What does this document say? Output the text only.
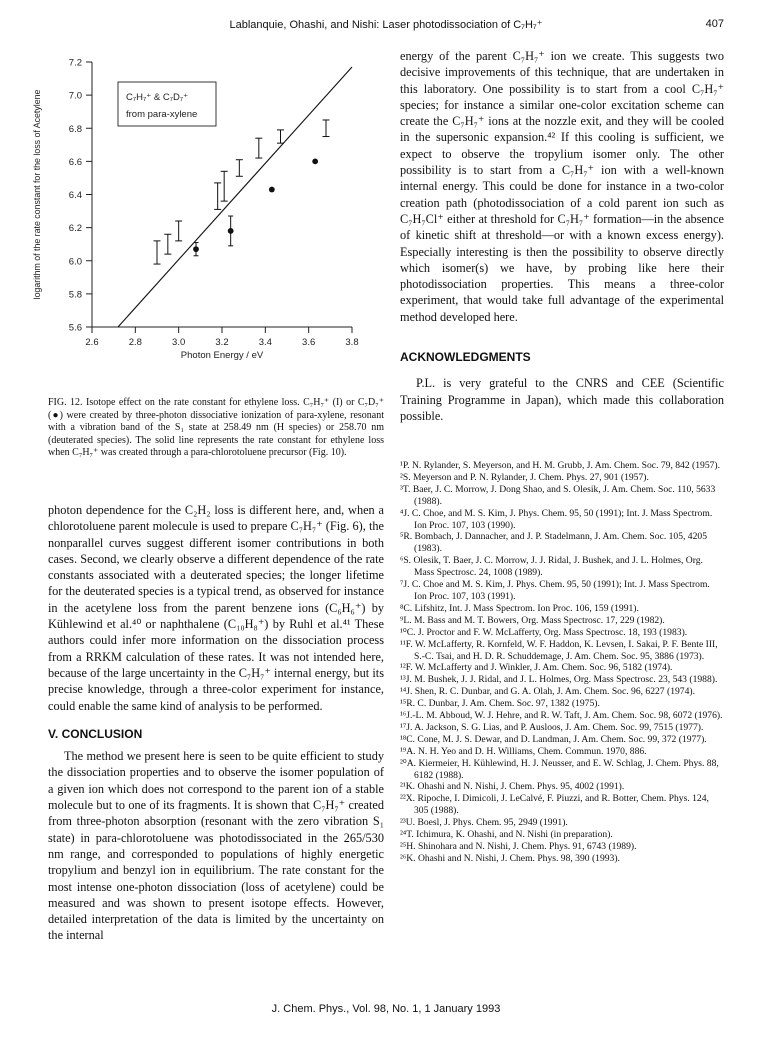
Lablanquie, Ohashi, and Nishi: Laser photodissociation of C₇H₇⁺	407
5.6
5.8
6.0
6.2
6.4
6.6
6.8
7.0
7.2
2.6	2.8	3.0	3.2	3.4	3.6	3.8
Photon Energy / eV
logarithm of the rate constant for the loss of Acetylene	C₇H₇⁺ & C₇D₇⁺
from para-xylene
FIG. 12. Isotope effect on the rate constant for ethylene loss. C₇H₇⁺ (I) or C₇D₇⁺ (●) were created by three-photon dissociative ionization of para-xylene, resonant with a vibration band of the S₁ state at 258.49 nm (H species) or 258.70 nm (deuterated species). The solid line represents the rate constant for ethylene loss when C₇H₇⁺ was created through a para-chlorotoluene precursor (Fig. 10).

photon dependence for the C₂H₂ loss is different here, and, when a chlorotoluene parent molecule is used to prepare C₇H₇⁺ (Fig. 6), the nonparallel curves suggest different isomer contributions in both cases. Second, we clearly observe a different dependence of the rate constants associated with a deuterated species; the longer lifetime for the deuterated species is a typical trend, as observed for instance in the acetylene loss from the parent benzene ions (C₆H₆⁺) by Kühlewind et al.⁴⁰ or naphthalene (C₁₀H₈⁺) by Ruhl et al.⁴¹ These authors could infer more information on the dissociation process from a RRKM calculation of these rates. It was not intended here, because of the large uncertainty in the C₇H₇⁺ internal energy, but its precise knowledge, through a three-color experiment for instance, could enable the same kind of analysis to be performed.

V. CONCLUSION

The method we present here is seen to be quite efficient to study the dissociation properties and to observe the isomer population of a given ion which does not correspond to the parent ion of a stable molecule but to one of its fragments. It is shown that C₇H₇⁺ created from three-photon absorption (resonant with the zero vibration S₁ state) in para-chlorotoluene was photodissociated in the 265/530 nm range, and corresponded to populations of highly energetic tropylium and benzyl ion in equilibrium. The rate constant for the most intense one-photon dissociation (loss of acetylene) could be measured and was shown to present isotope effects. However, detailed interpretation of the data is limited by the uncertainty on the internal

energy of the parent C₇H₇⁺ ion we create. This suggests two decisive improvements of this technique, that are undertaken in this laboratory. One possibility is to start from a cool C₇H₇⁺ species; for instance a similar one-color excitation scheme can create the C₇H₇⁺ ions at the nozzle exit, and they will be cooled in the supersonic expansion.⁴² If this cooling is sufficient, we expect to observe the tropylium isomer only. The other possibility is to start from a C₇H₇⁺ ion with a well-known internal energy. This could be done for instance in a two-color creation path (photodissociation of a cold parent ion such as C₇H₇Cl⁺ either at threshold for C₇H₇⁺ formation—in the absence of kinetic shift at threshold—or with a known excess energy). Especially interesting is then the possibility to observe directly which isomer(s) we have, by probing like here their photodissociation properties. This means a three-color experiment, that would take full advantage of the experimental method developed here.

ACKNOWLEDGMENTS

P.L. is very grateful to the CNRS and CEE (Scientific Training Programme in Japan), which made this collaboration possible.

¹P. N. Rylander, S. Meyerson, and H. M. Grubb, J. Am. Chem. Soc. 79, 842 (1957).

²S. Meyerson and P. N. Rylander, J. Chem. Phys. 27, 901 (1957).

³T. Baer, J. C. Morrow, J. Dong Shao, and S. Olesik, J. Am. Chem. Soc. 110, 5633 (1988).

⁴J. C. Choe, and M. S. Kim, J. Phys. Chem. 95, 50 (1991); Int. J. Mass Spectrom. Ion Proc. 107, 103 (1990).

⁵R. Bombach, J. Dannacher, and J. P. Stadelmann, J. Am. Chem. Soc. 105, 4205 (1983).

⁶S. Olesik, T. Baer, J. C. Morrow, J. J. Ridal, J. Bushek, and J. L. Holmes, Org. Mass Spectrosc. 24, 1008 (1989).

⁷J. C. Choe and M. S. Kim, J. Phys. Chem. 95, 50 (1991); Int. J. Mass Spectrom. Ion Proc. 107, 103 (1991).

⁸C. Lifshitz, Int. J. Mass Spectrom. Ion Proc. 106, 159 (1991).

⁹L. M. Bass and M. T. Bowers, Org. Mass Spectrosc. 17, 229 (1982).

¹⁰C. J. Proctor and F. W. McLafferty, Org. Mass Spectrosc. 18, 193 (1983).

¹¹F. W. McLafferty, R. Kornfeld, W. F. Haddon, K. Levsen, I. Sakai, P. F. Bente III, S.-C. Tsai, and H. D. R. Schuddemage, J. Am. Chem. Soc. 95, 3886 (1973).

¹²F. W. McLafferty and J. Winkler, J. Am. Chem. Soc. 96, 5182 (1974).

¹³J. M. Bushek, J. J. Ridal, and J. L. Holmes, Org. Mass Spectrosc. 23, 543 (1988).

¹⁴J. Shen, R. C. Dunbar, and G. A. Olah, J. Am. Chem. Soc. 96, 6227 (1974).

¹⁵R. C. Dunbar, J. Am. Chem. Soc. 97, 1382 (1975).

¹⁶J.-L. M. Abboud, W. J. Hehre, and R. W. Taft, J. Am. Chem. Soc. 98, 6072 (1976).

¹⁷J. A. Jackson, S. G. Lias, and P. Ausloos, J. Am. Chem. Soc. 99, 7515 (1977).

¹⁸C. Cone, M. J. S. Dewar, and D. Landman, J. Am. Chem. Soc. 99, 372 (1977).

¹⁹A. N. H. Yeo and D. H. Williams, Chem. Commun. 1970, 886.

²⁰A. Kiermeier, H. Kühlewind, H. J. Neusser, and E. W. Schlag, J. Chem. Phys. 88, 6182 (1988).

²¹K. Ohashi and N. Nishi, J. Chem. Phys. 95, 4002 (1991).

²²X. Ripoche, I. Dimicoli, J. LeCalvé, F. Piuzzi, and R. Botter, Chem. Phys. 124, 305 (1988).

²³U. Boesl, J. Phys. Chem. 95, 2949 (1991).

²⁴T. Ichimura, K. Ohashi, and N. Nishi (in preparation).

²⁵H. Shinohara and N. Nishi, J. Chem. Phys. 91, 6743 (1989).

²⁶K. Ohashi and N. Nishi, J. Chem. Phys. 98, 390 (1993).

J. Chem. Phys., Vol. 98, No. 1, 1 January 1993
